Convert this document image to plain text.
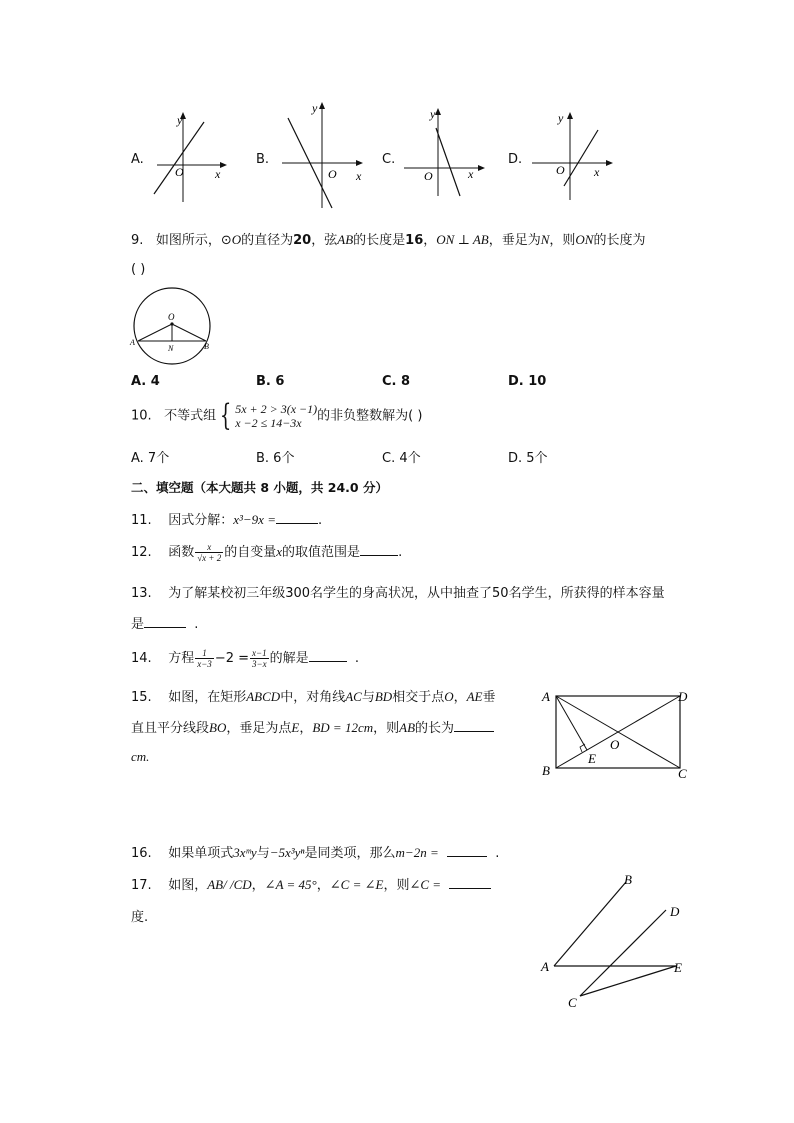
A.
y
x
O
B.
y
x
O
C.
y
x
O
D.
y
x
O
9. 如图所示，⊙O的直径为20，弦AB的长度是16，ON ⊥ AB，垂足为N，则ON的长度为
( )
O
A
N	B
A. 4	B. 6	C. 8	D. 10
10. 不等式组 { 5x + 2 > 3(x −1)
x −2 ≤ 14−3x	的非负整数解为( )
A. 7个	B. 6个	C. 4个	D. 5个
二、填空题（本大题共 8 小题，共 24.0 分）
11. 因式分解：x³−9x =	.
12. 函数 $\frac{x}{√x + 2}$ 的自变量x的取值范围是	.
13. 为了解某校初三年级300名学生的身高状况，从中抽查了50名学生，所获得的样本容量
是	.
14. 方程 $\frac{1}{x-3} -2 = \frac{x-1}{3-x}$ 的解是	.
15. 如图，在矩形ABCD中，对角线AC与BD相交于点O，AE垂
直且平分线段BO，垂足为点E，BD = 12cm，则AB的长为
cm.
A	D
B	C
O
E
16. 如果单项式3xᵐy与−5x³yⁿ是同类项，那么m−2n =	.
17. 如图，AB/ /CD，∠A = 45°，∠C = ∠E，则∠C =
度.
B
D
A	E
C
